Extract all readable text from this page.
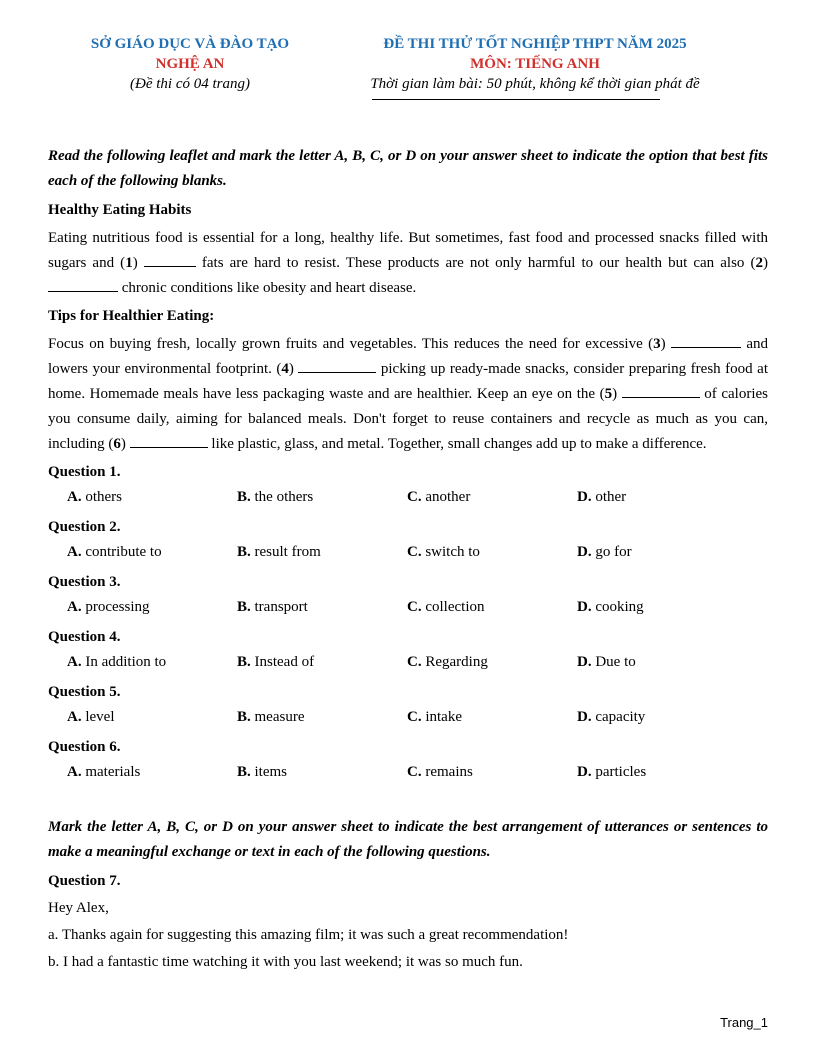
SỞ GIÁO DỤC VÀ ĐÀO TẠO
NGHỆ AN
(Đề thi có 04 trang)
ĐỀ THI THỬ TỐT NGHIỆP THPT NĂM 2025
MÔN: TIẾNG ANH
Thời gian làm bài: 50 phút, không kể thời gian phát đề

Read the following leaflet and mark the letter A, B, C, or D on your answer sheet to indicate the option that best fits each of the following blanks.

Healthy Eating Habits

Eating nutritious food is essential for a long, healthy life. But sometimes, fast food and processed snacks filled with sugars and (1)	fats are hard to resist. These products are not only harmful to our health but can also (2) chronic conditions like obesity and heart disease.

Tips for Healthier Eating:

Focus on buying fresh, locally grown fruits and vegetables. This reduces the need for excessive (3)	and lowers your environmental footprint. (4)	picking up ready-made snacks, consider preparing fresh food at home. Homemade meals have less packaging waste and are healthier. Keep an eye on the (5)	of calories you consume daily, aiming for balanced meals. Don't forget to reuse containers and recycle as much as you can, including (6)	like plastic, glass, and metal. Together, small changes add up to make a difference.

Question 1.
A. others	B. the others	C. another	D. other
Question 2.
A. contribute to	B. result from	C. switch to	D. go for
Question 3.
A. processing	B. transport	C. collection	D. cooking
Question 4.
A. In addition to	B. Instead of	C. Regarding	D. Due to
Question 5.
A. level	B. measure	C. intake	D. capacity
Question 6.
A. materials	B. items	C. remains	D. particles

Mark the letter A, B, C, or D on your answer sheet to indicate the best arrangement of utterances or sentences to make a meaningful exchange or text in each of the following questions.

Question 7.
Hey Alex,
a. Thanks again for suggesting this amazing film; it was such a great recommendation!
b. I had a fantastic time watching it with you last weekend; it was so much fun.
Trang_1
